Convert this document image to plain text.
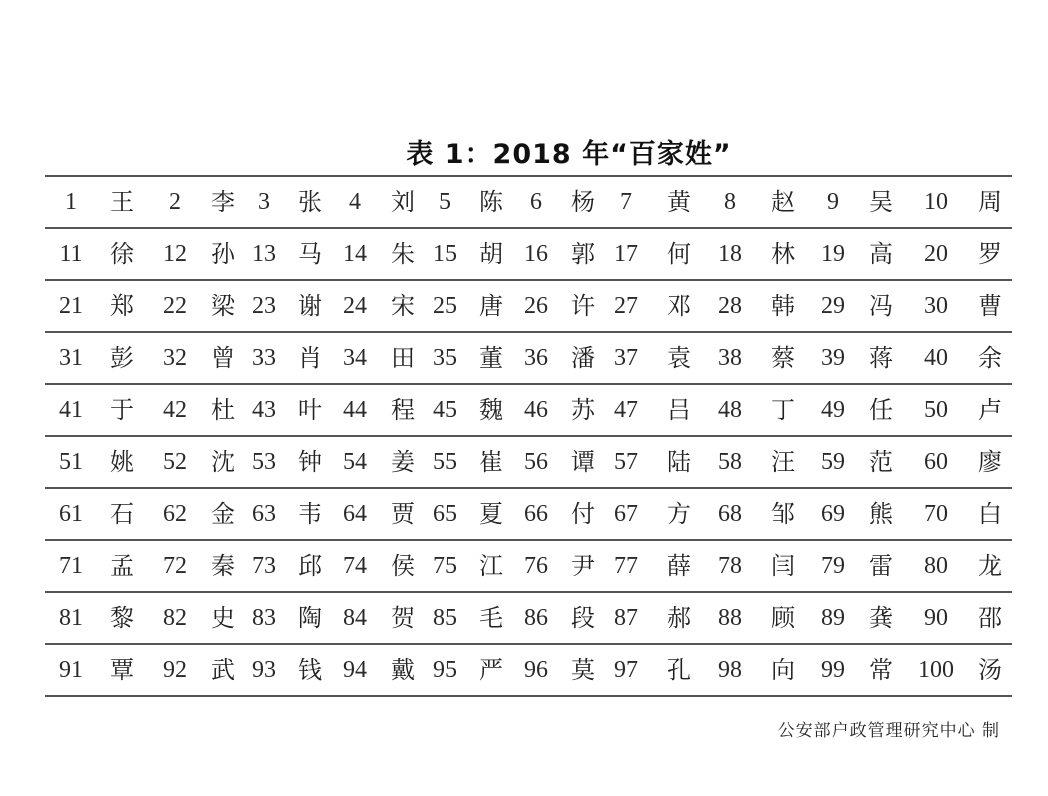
表 1：2018 年“百家姓”
1	王	2	李 3	张	4	刘	5	陈	6	杨	7	黄	8	赵	9	吴	10	周
11	徐	12	孙 13 马 14	朱 15 胡 16 郭 17	何	18	林	19	高	20	罗
21	郑	22	梁 23 谢 24	宋 25 唐 26 许 27	邓	28	韩	29	冯	30	曹
31	彭	32	曾 33 肖 34	田 35 董 36 潘 37	袁	38	蔡	39	蒋	40	余
41	于	42	杜 43 叶 44	程 45 魏 46 苏 47	吕	48	丁	49	任	50	卢
51	姚	52	沈 53 钟 54	姜 55 崔 56 谭 57	陆	58	汪	59	范	60	廖
61	石	62	金 63 韦 64	贾 65 夏 66 付 67	方	68	邹	69	熊	70	白
71	孟	72	秦 73 邱 74	侯 75 江 76 尹 77	薛	78	闫	79	雷	80	龙
81	黎	82	史 83 陶 84	贺 85 毛 86 段 87	郝	88	顾	89	龚	90	邵
91	覃	92	武 93 钱 94	戴 95 严 96 莫 97	孔	98	向	99	常	100	汤
公安部户政管理研究中心 制
